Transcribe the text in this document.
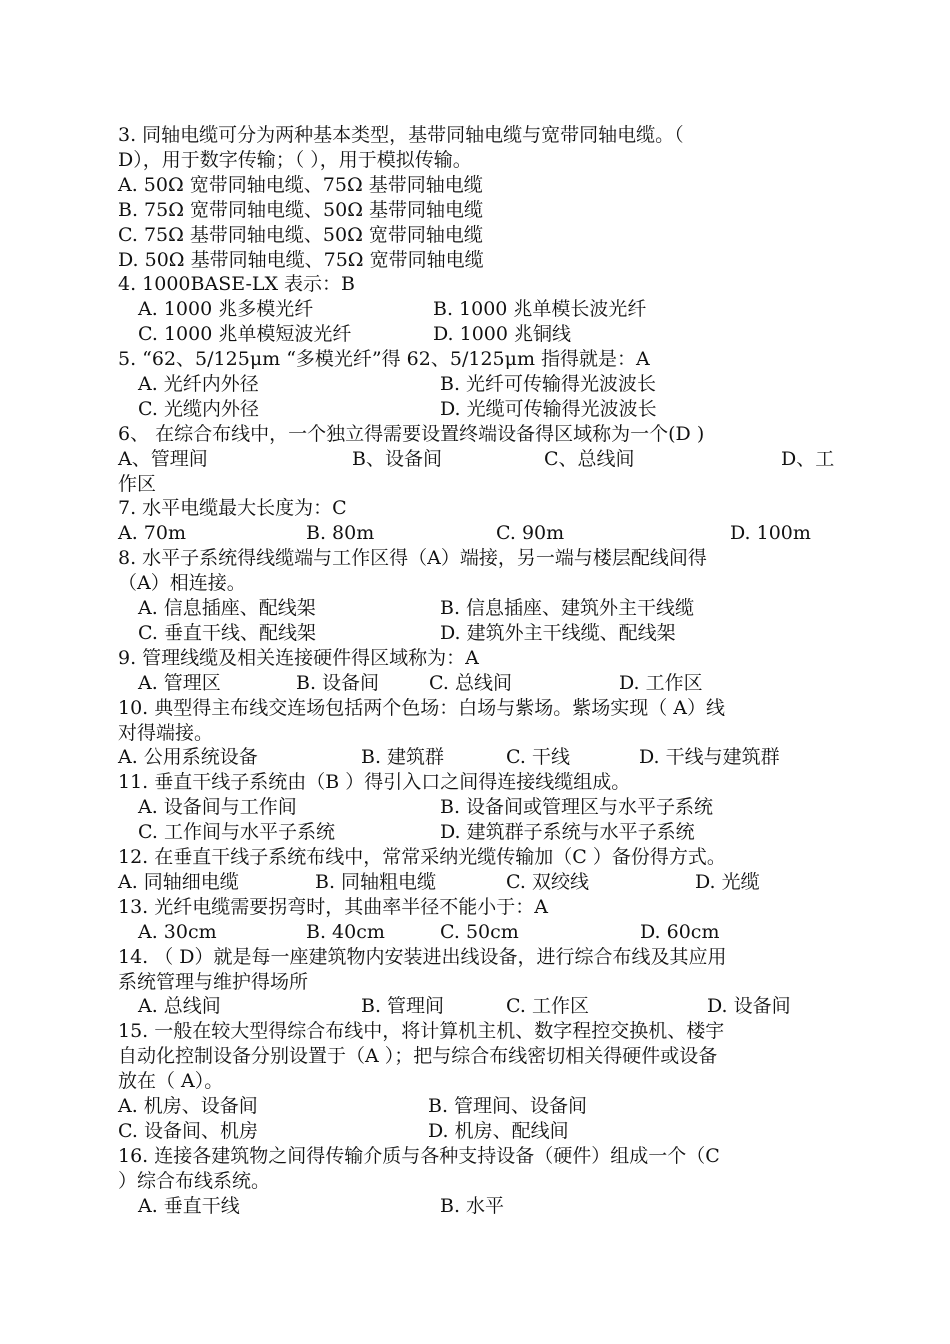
3. 同轴电缆可分为两种基本类型，基带同轴电缆与宽带同轴电缆。（
D），用于数字传输；（ ），用于模拟传输。
A. 50Ω 宽带同轴电缆、75Ω 基带同轴电缆
B. 75Ω 宽带同轴电缆、50Ω 基带同轴电缆
C. 75Ω 基带同轴电缆、50Ω 宽带同轴电缆
D. 50Ω 基带同轴电缆、75Ω 宽带同轴电缆
4. 1000BASE-LX 表示：B
A. 1000 兆多模光纤	B. 1000 兆单模长波光纤
C. 1000 兆单模短波光纤	D. 1000 兆铜线
5. “62、5/125μm “多模光纤”得 62、5/125μm 指得就是：A
A. 光纤内外径	B. 光纤可传输得光波波长
C. 光缆内外径	D. 光缆可传输得光波波长
6、 在综合布线中，一个独立得需要设置终端设备得区域称为一个(D )
A、管理间	B、设备间	C、总线间	D、工
作区
7. 水平电缆最大长度为：C
A. 70m	B. 80m	C. 90m	D. 100m
8. 水平子系统得线缆端与工作区得（A）端接，另一端与楼层配线间得
（A）相连接。
A. 信息插座、配线架	B. 信息插座、建筑外主干线缆
C. 垂直干线、配线架	D. 建筑外主干线缆、配线架
9. 管理线缆及相关连接硬件得区域称为：A
A. 管理区	B. 设备间	C. 总线间	D. 工作区
10. 典型得主布线交连场包括两个色场：白场与紫场。紫场实现（ A）线
对得端接。
A. 公用系统设备	B. 建筑群	C. 干线	D. 干线与建筑群
11. 垂直干线子系统由（B ）得引入口之间得连接线缆组成。
A. 设备间与工作间	B. 设备间或管理区与水平子系统
C. 工作间与水平子系统	D. 建筑群子系统与水平子系统
12. 在垂直干线子系统布线中，常常采纳光缆传输加（C ）备份得方式。
A. 同轴细电缆	B. 同轴粗电缆	C. 双绞线	D. 光缆
13. 光纤电缆需要拐弯时，其曲率半径不能小于：A
A. 30cm	B. 40cm	C. 50cm	D. 60cm
14. （ D）就是每一座建筑物内安装进出线设备，进行综合布线及其应用
系统管理与维护得场所
A. 总线间	B. 管理间	C. 工作区	D. 设备间
15. 一般在较大型得综合布线中，将计算机主机、数字程控交换机、楼宇
自动化控制设备分别设置于（A ）；把与综合布线密切相关得硬件或设备
放在（ A）。
A. 机房、设备间	B. 管理间、设备间
C. 设备间、机房	D. 机房、配线间
16. 连接各建筑物之间得传输介质与各种支持设备（硬件）组成一个（C
）综合布线系统。
A. 垂直干线	B. 水平
